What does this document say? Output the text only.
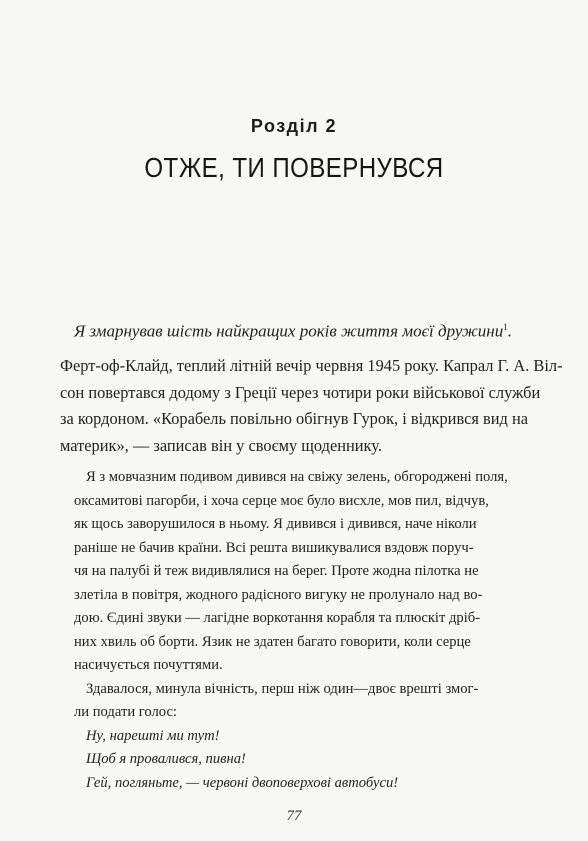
Розділ 2
ОТЖЕ, ТИ ПОВЕРНУВСЯ
Я змарнував шість найкращих років життя моєї дружини$^1$.
Ферт-оф-Клайд, теплий літній вечір червня 1945 року. Капрал Г. А. Віл-
сон повертався додому з Греції через чотири роки військової служби
за кордоном. «Корабель повільно обігнув Гурок, і відкрився вид на
материк», — записав він у своєму щоденнику.
Я з мовчазним подивом дивився на свіжу зелень, обгороджені поля,
оксамитові пагорби, і хоча серце моє було висхле, мов пил, відчув,
як щось заворушилося в ньому. Я дивився і дивився, наче ніколи
раніше не бачив країни. Всі решта вишикувалися вздовж поруч-
чя на палубі й теж видивлялися на берег. Проте жодна пілотка не
злетіла в повітря, жодного радісного вигуку не пролунало над во-
дою. Єдині звуки — лагідне воркотання корабля та плюскіт дріб-
них хвиль об борти. Язик не здатен багато говорити, коли серце
насичується почуттями.
Здавалося, минула вічність, перш ніж один—двоє врешті змог-
ли подати голос:
Ну, нарешті ми тут!
Щоб я провалився, пивна!
Гей, погляньте, — червоні двоповерхові автобуси!
77
